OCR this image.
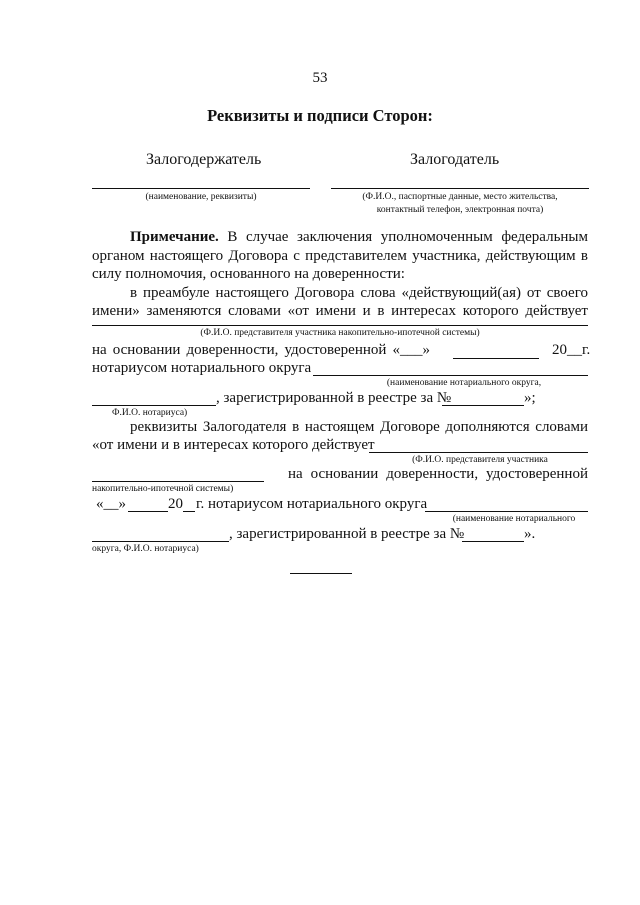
53
Реквизиты и подписи Сторон:
Залогодержатель	Залогодатель
(наименование, реквизиты)	(Ф.И.О., паспортные данные, место жительства,
контактный телефон, электронная почта)
Примечание. В случае заключения уполномоченным федеральным
органом настоящего Договора с представителем участника, действующим в
силу полномочия, основанного на доверенности:
в преамбуле настоящего Договора слова «действующий(ая) от своего
имени» заменяются словами «от имени и в интересах которого действует
(Ф.И.О. представителя участника накопительно-ипотечной системы)
на основании доверенности, удостоверенной «___»	20__г.
нотариусом нотариального округа
(наименование нотариального округа,
, зарегистрированной в реестре за №	»;
Ф.И.О. нотариуса)
реквизиты Залогодателя в настоящем Договоре дополняются словами
«от имени и в интересах которого действует
(Ф.И.О. представителя участника
на основании доверенности, удостоверенной
накопительно-ипотечной системы)
«__»	20 г. нотариусом нотариального округа
(наименование нотариального
, зарегистрированной в реестре за №	».
округа, Ф.И.О. нотариуса)
